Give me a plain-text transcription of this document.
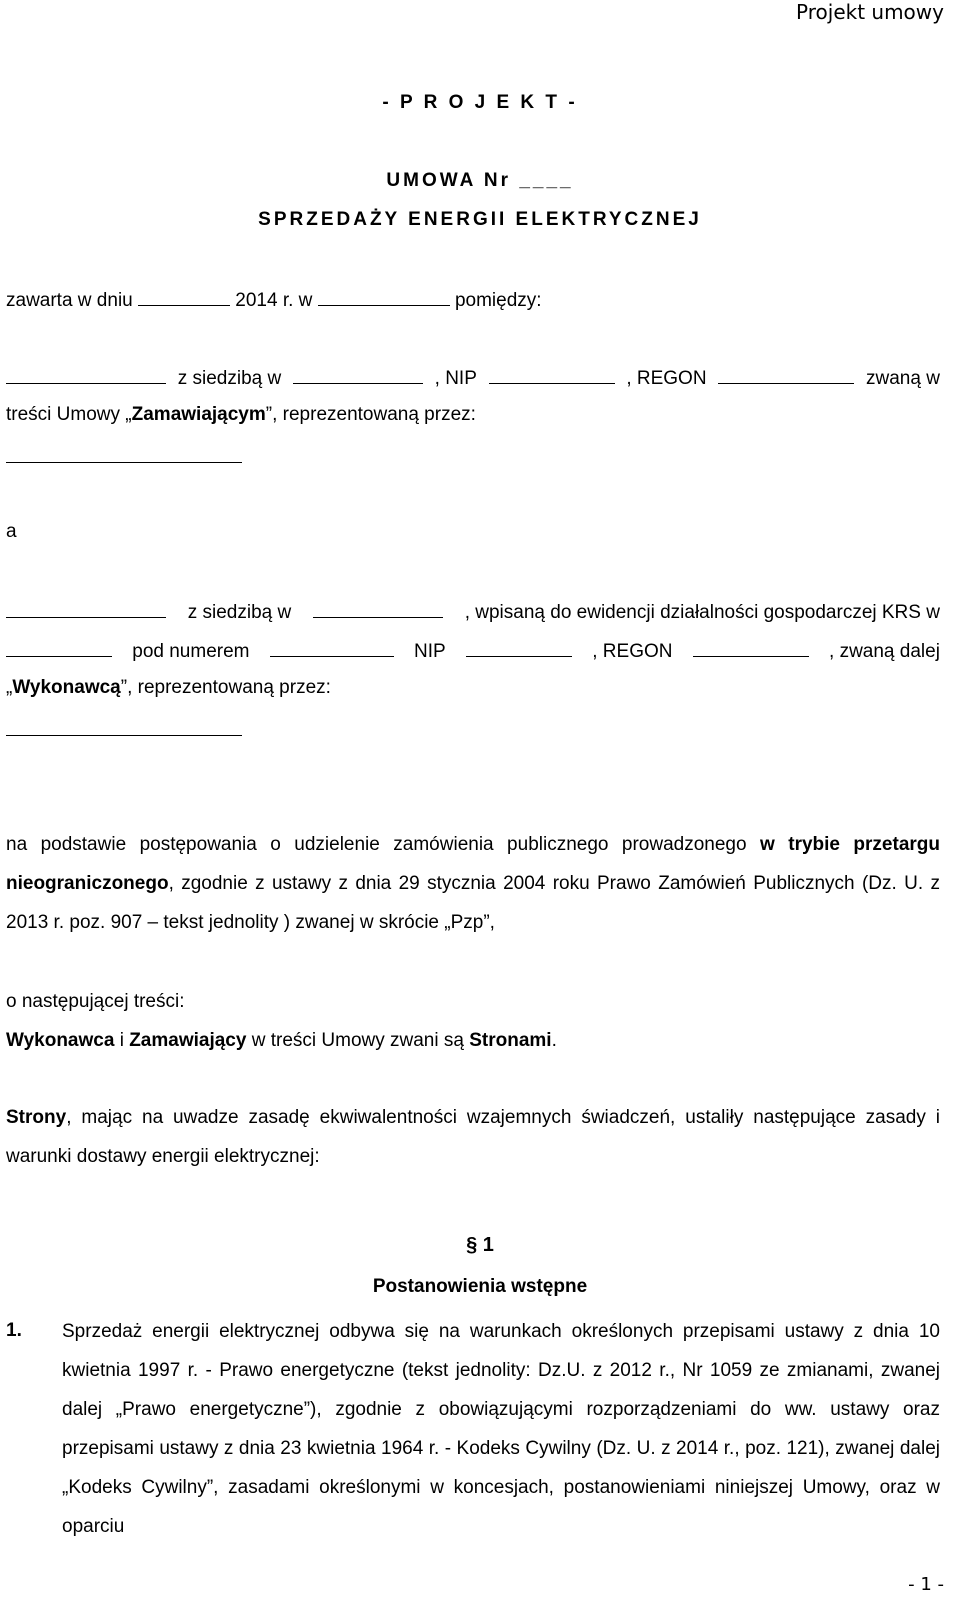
Projekt umowy
- P R O J E K T -
UMOWA Nr ____
SPRZEDAŻY ENERGII ELEKTRYCZNEJ
zawarta w dniu	2014 r. w	pomiędzy:
z siedzibą w	, NIP	, REGON	zwaną w
treści Umowy „Zamawiającym”, reprezentowaną przez:
a
z siedzibą w	, wpisaną do ewidencji działalności gospodarczej KRS w
pod numerem	NIP	, REGON	, zwaną dalej
„Wykonawcą”, reprezentowaną przez:
na podstawie postępowania o udzielenie zamówienia publicznego prowadzonego w trybie przetargu nieograniczonego, zgodnie z ustawy z dnia 29 stycznia 2004 roku Prawo Zamówień Publicznych (Dz. U. z 2013 r. poz. 907 – tekst jednolity ) zwanej w skrócie „Pzp”,
o następującej treści:
Wykonawca i Zamawiający w treści Umowy zwani są Stronami.
Strony, mając na uwadze zasadę ekwiwalentności wzajemnych świadczeń, ustaliły następujące zasady i warunki dostawy energii elektrycznej:
§ 1
Postanowienia wstępne
1. Sprzedaż energii elektrycznej odbywa się na warunkach określonych przepisami ustawy z dnia 10 kwietnia 1997 r. - Prawo energetyczne (tekst jednolity: Dz.U. z 2012 r., Nr 1059 ze zmianami, zwanej dalej „Prawo energetyczne”), zgodnie z obowiązującymi rozporządzeniami do ww. ustawy oraz przepisami ustawy z dnia 23 kwietnia 1964 r. - Kodeks Cywilny (Dz. U. z 2014 r., poz. 121), zwanej dalej „Kodeks Cywilny”, zasadami określonymi w koncesjach, postanowieniami niniejszej Umowy, oraz w oparciu
- 1 -
